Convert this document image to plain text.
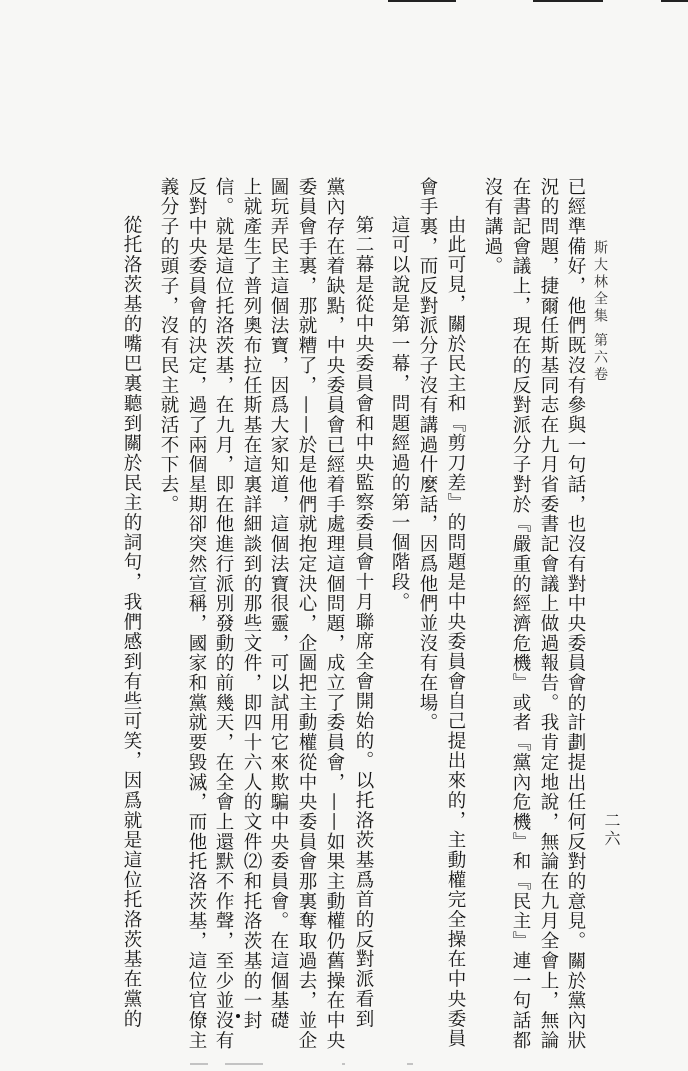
斯大林全集 第六卷
二六
已經準備好，他們既沒有參與一句話，也沒有對中央委員會的計劃提出任何反對的意見。關於黨內狀
況的問題，捷爾任斯基同志在九月省委書記會議上做過報告。我肯定地說，無論在九月全會上，無論
在書記會議上，現在的反對派分子對於『嚴重的經濟危機』或者『黨內危機』和『民主』連一句話都
沒有講過。
由此可見，關於民主和『剪刀差』的問題是中央委員會自己提出來的，主動權完全操在中央委員
會手裏，而反對派分子沒有講過什麼話，因爲他們並沒有在場。
這可以說是第一幕，問題經過的第一個階段。
第二幕是從中央委員會和中央監察委員會十月聯席全會開始的。以托洛茨基爲首的反對派看到
黨內存在着缺點，中央委員會已經着手處理這個問題，成立了委員會，——如果主動權仍舊操在中央
委員會手裏，那就糟了，——於是他們就抱定決心，企圖把主動權從中央委員會那裏奪取過去，並企
圖玩弄民主這個法寶，因爲大家知道，這個法寶很靈，可以試用它來欺騙中央委員會。在這個基礎
上就產生了普列奧布拉任斯基在這裏詳細談到的那些文件，即四十六人的文件⑵和托洛茨基的一封
信。就是這位托洛茨基，在九月，即在他進行派別發動的前幾天，在全會上還默不作聲，至少並沒有
反對中央委員會的決定，過了兩個星期卻突然宣稱，國家和黨就要毀滅，而他托洛茨基，這位官僚主
義分子的頭子，沒有民主就活不下去。
從托洛茨基的嘴巴裏聽到關於民主的詞句，我們感到有些可笑，因爲就是這位托洛茨基在黨的
